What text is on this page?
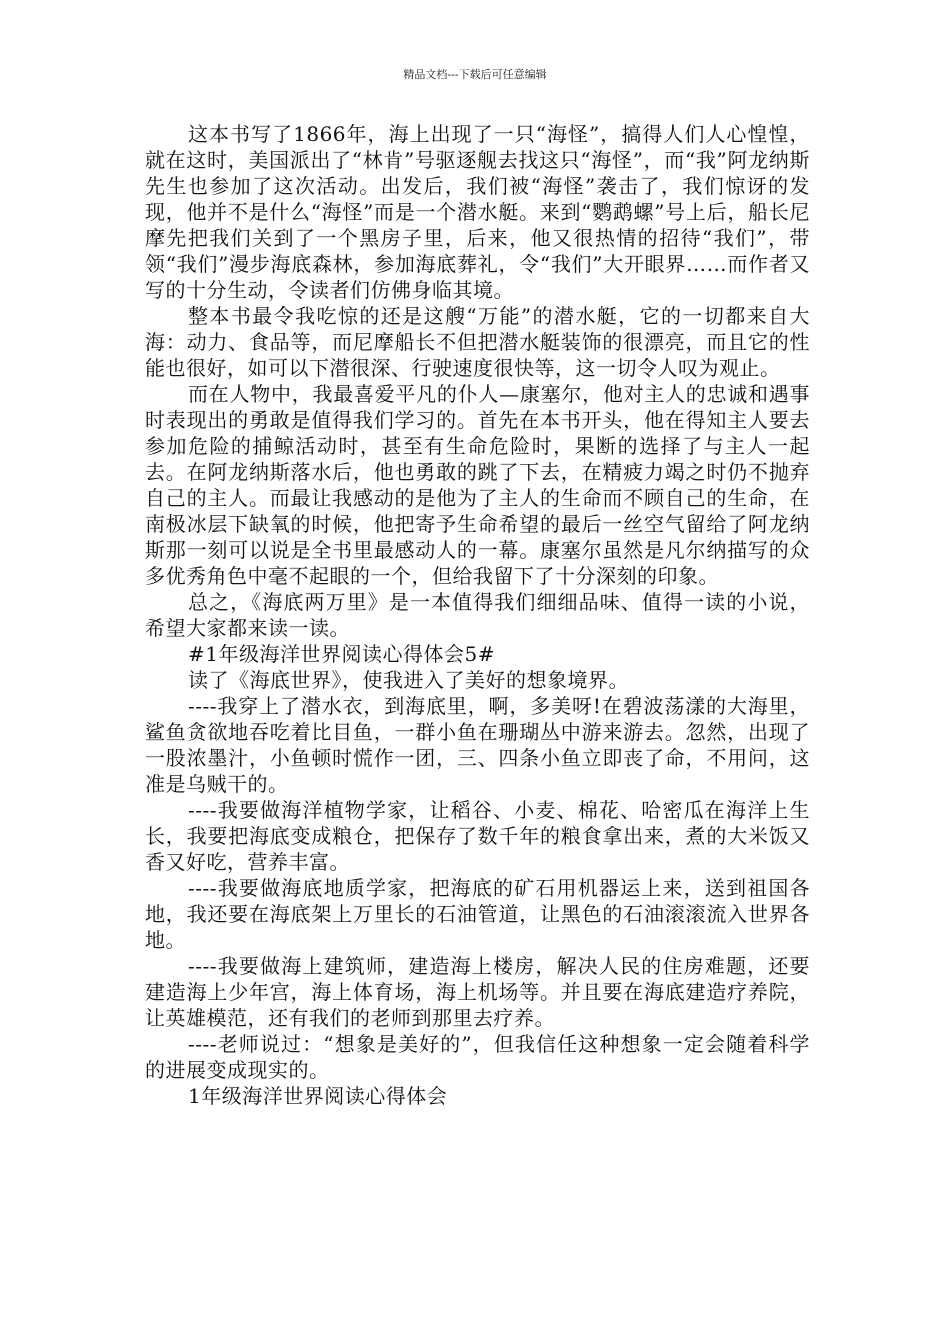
精品文档---下载后可任意编辑

这本书写了1866年，海上出现了一只“海怪”，搞得人们人心惶惶，就在这时，美国派出了“林肯”号驱逐舰去找这只“海怪”，而“我”阿龙纳斯先生也参加了这次活动。出发后，我们被“海怪”袭击了，我们惊讶的发现，他并不是什么“海怪”而是一个潜水艇。来到“鹦鹉螺”号上后，船长尼摩先把我们关到了一个黑房子里，后来，他又很热情的招待“我们”，带领“我们”漫步海底森林，参加海底葬礼，令“我们”大开眼界……而作者又写的十分生动，令读者们仿佛身临其境。

整本书最令我吃惊的还是这艘“万能”的潜水艇，它的一切都来自大海：动力、食品等，而尼摩船长不但把潜水艇装饰的很漂亮，而且它的性能也很好，如可以下潜很深、行驶速度很快等，这一切令人叹为观止。

而在人物中，我最喜爱平凡的仆人—康塞尔，他对主人的忠诚和遇事时表现出的勇敢是值得我们学习的。首先在本书开头，他在得知主人要去参加危险的捕鲸活动时，甚至有生命危险时，果断的选择了与主人一起去。在阿龙纳斯落水后，他也勇敢的跳了下去，在精疲力竭之时仍不抛弃自己的主人。而最让我感动的是他为了主人的生命而不顾自己的生命，在南极冰层下缺氧的时候，他把寄予生命希望的最后一丝空气留给了阿龙纳斯那一刻可以说是全书里最感动人的一幕。康塞尔虽然是凡尔纳描写的众多优秀角色中毫不起眼的一个，但给我留下了十分深刻的印象。

总之，《海底两万里》是一本值得我们细细品味、值得一读的小说，希望大家都来读一读。

#1年级海洋世界阅读心得体会5#

读了《海底世界》，使我进入了美好的想象境界。

----我穿上了潜水衣，到海底里，啊，多美呀!在碧波荡漾的大海里，鲨鱼贪欲地吞吃着比目鱼，一群小鱼在珊瑚丛中游来游去。忽然，出现了一股浓墨汁，小鱼顿时慌作一团，三、四条小鱼立即丧了命，不用问，这准是乌贼干的。

----我要做海洋植物学家，让稻谷、小麦、棉花、哈密瓜在海洋上生长，我要把海底变成粮仓，把保存了数千年的粮食拿出来，煮的大米饭又香又好吃，营养丰富。

----我要做海底地质学家，把海底的矿石用机器运上来，送到祖国各地，我还要在海底架上万里长的石油管道，让黑色的石油滚滚流入世界各地。

----我要做海上建筑师，建造海上楼房，解决人民的住房难题，还要建造海上少年宫，海上体育场，海上机场等。并且要在海底建造疗养院，让英雄模范，还有我们的老师到那里去疗养。

----老师说过：“想象是美好的”，但我信任这种想象一定会随着科学的进展变成现实的。

1年级海洋世界阅读心得体会
